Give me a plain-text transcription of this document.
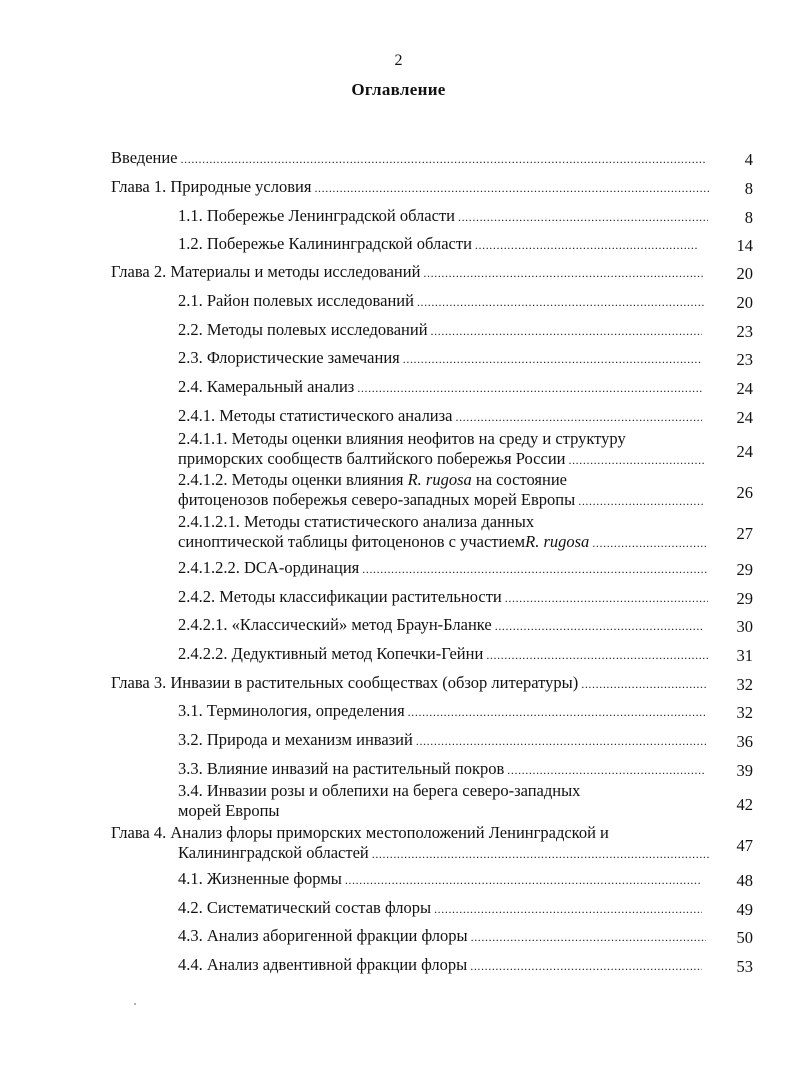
2
Оглавление
Введение .....	4
Глава 1. Природные условия .....	8
1.1. Побережье Ленинградской области .....	8
1.2. Побережье Калининградской области .....	14
Глава 2. Материалы и методы исследований .....	20
2.1. Район полевых исследований .....	20
2.2. Методы полевых исследований .....	23
2.3. Флористические замечания .....	23
2.4. Камеральный анализ .....	24
2.4.1. Методы статистического анализа .....	24
2.4.1.1. Методы оценки влияния неофитов на среду и структуру
приморских сообществ балтийского побережья России .....	24
2.4.1.2. Методы оценки влияния R. rugosa на состояние
фитоценозов побережья северо-западных морей Европы .....	26
2.4.1.2.1. Методы статистического анализа данных
синоптической таблицы фитоценонов с участием R. rugosa .....	27
2.4.1.2.2. DCA-ординация .....	29
2.4.2. Методы классификации растительности .....	29
2.4.2.1. «Классический» метод Браун-Бланке .....	30
2.4.2.2. Дедуктивный метод Копечки-Гейни .....	31
Глава 3. Инвазии в растительных сообществах (обзор литературы) .....	32
3.1. Терминология, определения .....	32
3.2. Природа и механизм инвазий .....	36
3.3. Влияние инвазий на растительный покров .....	39
3.4. Инвазии розы и облепихи на берега северо-западных
морей Европы	42
Глава 4. Анализ флоры приморских местоположений Ленинградской и
Калининградской областей .....	47
4.1. Жизненные формы .....	48
4.2. Систематический состав флоры .....	49
4.3. Анализ аборигенной фракции флоры .....	50
4.4. Анализ адвентивной фракции флоры .....	53
